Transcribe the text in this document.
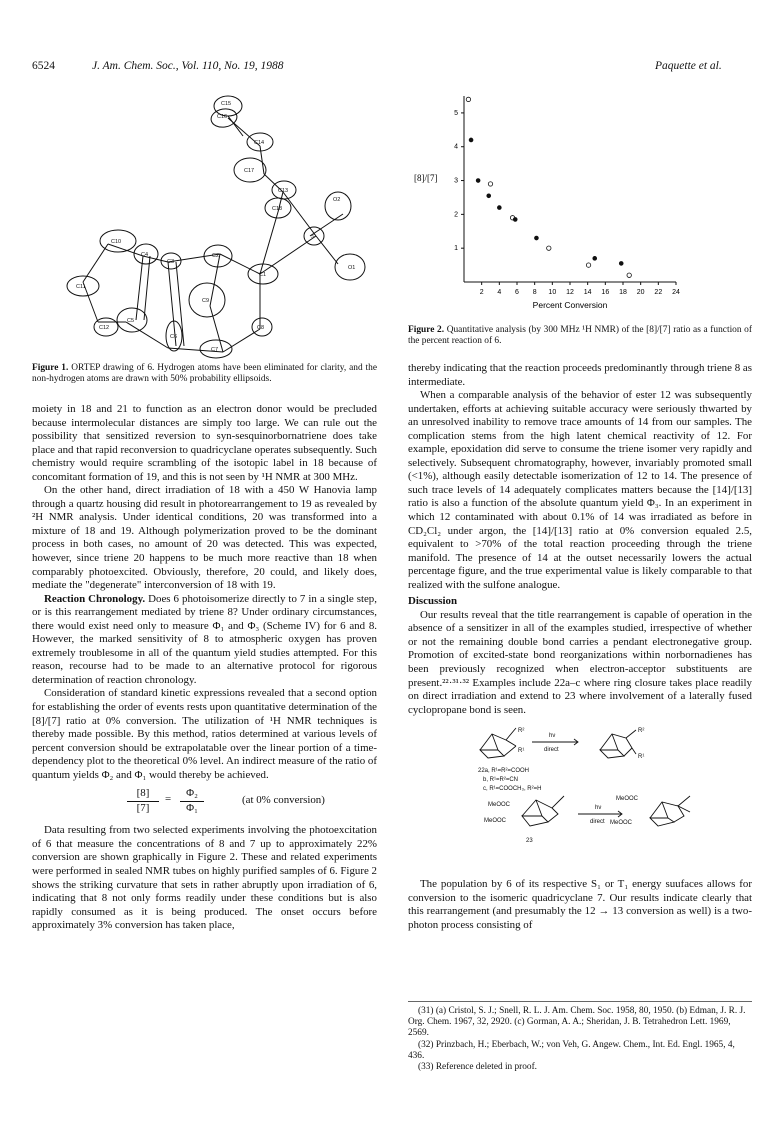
6524	J. Am. Chem. Soc., Vol. 110, No. 19, 1988	Paquette et al.
C15
C16
C14
C17
C13
C18
C2
C1
S
O2
O1
C10
C4
C3
C11
C9
C5
C12	C8
C7
C6
Figure 1. ORTEP drawing of 6. Hydrogen atoms have been eliminated for clarity, and the non-hydrogen atoms are drawn with 50% probability ellipsoids.
2 4 6 8 10 12 14 16 18 20 22 24
1
2
3
4
5
Percent Conversion
[8]/[7]
Figure 2. Quantitative analysis (by 300 MHz ¹H NMR) of the [8]/[7] ratio as a function of the percent reaction of 6.

moiety in 18 and 21 to function as an electron donor would be precluded because intermolecular distances are simply too large. We can rule out the possibility that sensitized reversion to syn-sesquinorbornatriene does take place and that rapid reconversion to quadricyclane operates subsequently. Such chemistry would require scrambling of the isotopic label in 18 because of concomitant formation of 19, and this is not seen by ¹H NMR at 300 MHz.

On the other hand, direct irradiation of 18 with a 450 W Hanovia lamp through a quartz housing did result in photorearrangement to 19 as revealed by ²H NMR analysis. Under identical conditions, 20 was transformed into a mixture of 18 and 19. Although polymerization proved to be the dominant process in both cases, no amount of 20 was detected. This was expected, however, since triene 20 happens to be much more reactive than 18 when comparably photoexcited. Obviously, therefore, 20 could, and likely does, mediate the "degenerate" interconversion of 18 with 19.

Reaction Chronology. Does 6 photoisomerize directly to 7 in a single step, or is this rearrangement mediated by triene 8? Under ordinary circumstances, there would exist need only to measure Φ₁ and Φ₃ (Scheme IV) for 6 and 8. However, the marked sensitivity of 8 to atmospheric oxygen has proven extremely troublesome in all of the quantum yield studies attempted. For this reason, recourse had to be made to an alternative protocol for rigorous determination of reaction chronology.

Consideration of standard kinetic expressions revealed that a second option for establishing the order of events rests upon quantitative determination of the [8]/[7] ratio at 0% conversion. The utilization of ¹H NMR techniques is thereby made possible. By this method, ratios determined at various levels of percent conversion should be extrapolatable over the linear portion of a time-dependency plot to the theoretical 0% level. An indirect measure of the ratio of quantum yields Φ₂ and Φ₁ would thereby be achieved.

$\frac{[8]}{[7]} = \frac{\text{Φ₂}}{\text{Φ₁}}$	(at 0% conversion)

Data resulting from two selected experiments involving the photoexcitation of 6 that measure the concentrations of 8 and 7 up to approximately 22% conversion are shown graphically in Figure 2. These and related experiments were performed in sealed NMR tubes on highly purified samples of 6. Figure 2 shows the striking curvature that sets in rather abruptly upon irradiation of 6, indicating that 8 not only forms readily under these conditions but is also rapidly consumed as it is being produced. The onset occurs before approximately 3% conversion has taken place,

thereby indicating that the reaction proceeds predominantly through triene 8 as intermediate.

When a comparable analysis of the behavior of ester 12 was subsequently undertaken, efforts at achieving suitable accuracy were seriously thwarted by an unresolved inability to remove trace amounts of 14 from our samples. The complication stems from the high latent chemical reactivity of 12. For example, epoxidation did serve to consume the triene isomer very rapidly and selectively. Subsequent chromatography, however, invariably promoted small (<1%), although easily detectable isomerization of 12 to 14. The presence of such trace levels of 14 adequately complicates matters because the [14]/[13] ratio is also a function of the absolute quantum yield Φ₃. In an experiment in which 12 contaminated with about 0.1% of 14 was irradiated as before in CD₂Cl₂ under argon, the [14]/[13] ratio at 0% conversion equaled 2.5, equivalent to >70% of the total reaction proceeding through the triene manifold. The presence of 14 at the outset necessarily lowers the actual percentage figure, and the true experimental value is likely comparable to that realized with the sulfone analogue.

Discussion

Our results reveal that the title rearrangement is capable of operation in the absence of a sensitizer in all of the examples studied, irrespective of whether or not the remaining double bond carries a pendant electronegative group. Promotion of excited-state bond reorganizations within norbornadienes has been previously recognized when electron-acceptor substituents are present.²²·³¹·³² Examples include 22a–c where ring closure takes place readily on direct irradiation and extend to 23 where involvement of a laterally fused cyclopropane bond is seen.

R²
R¹
hν
direct
R²
R¹
22a, R¹=R²=COOH
b, R¹=R²=CN
c, R¹=COOCH₃, R²=H
MeOOC
MeOOC
hν
direct
MeOOC
MeOOC
23

The population by 6 of its respective S₁ or T₁ energy suufaces allows for conversion to the isomeric quadricyclane 7. Our results indicate clearly that this rearrangement (and presumably the 12 → 13 conversion as well) is a two-photon process consisting of

(31) (a) Cristol, S. J.; Snell, R. L. J. Am. Chem. Soc. 1958, 80, 1950. (b) Edman, J. R. J. Org. Chem. 1967, 32, 2920. (c) Gorman, A. A.; Sheridan, J. B. Tetrahedron Lett. 1969, 2569.

(32) Prinzbach, H.; Eberbach, W.; von Veh, G. Angew. Chem., Int. Ed. Engl. 1965, 4, 436.

(33) Reference deleted in proof.
